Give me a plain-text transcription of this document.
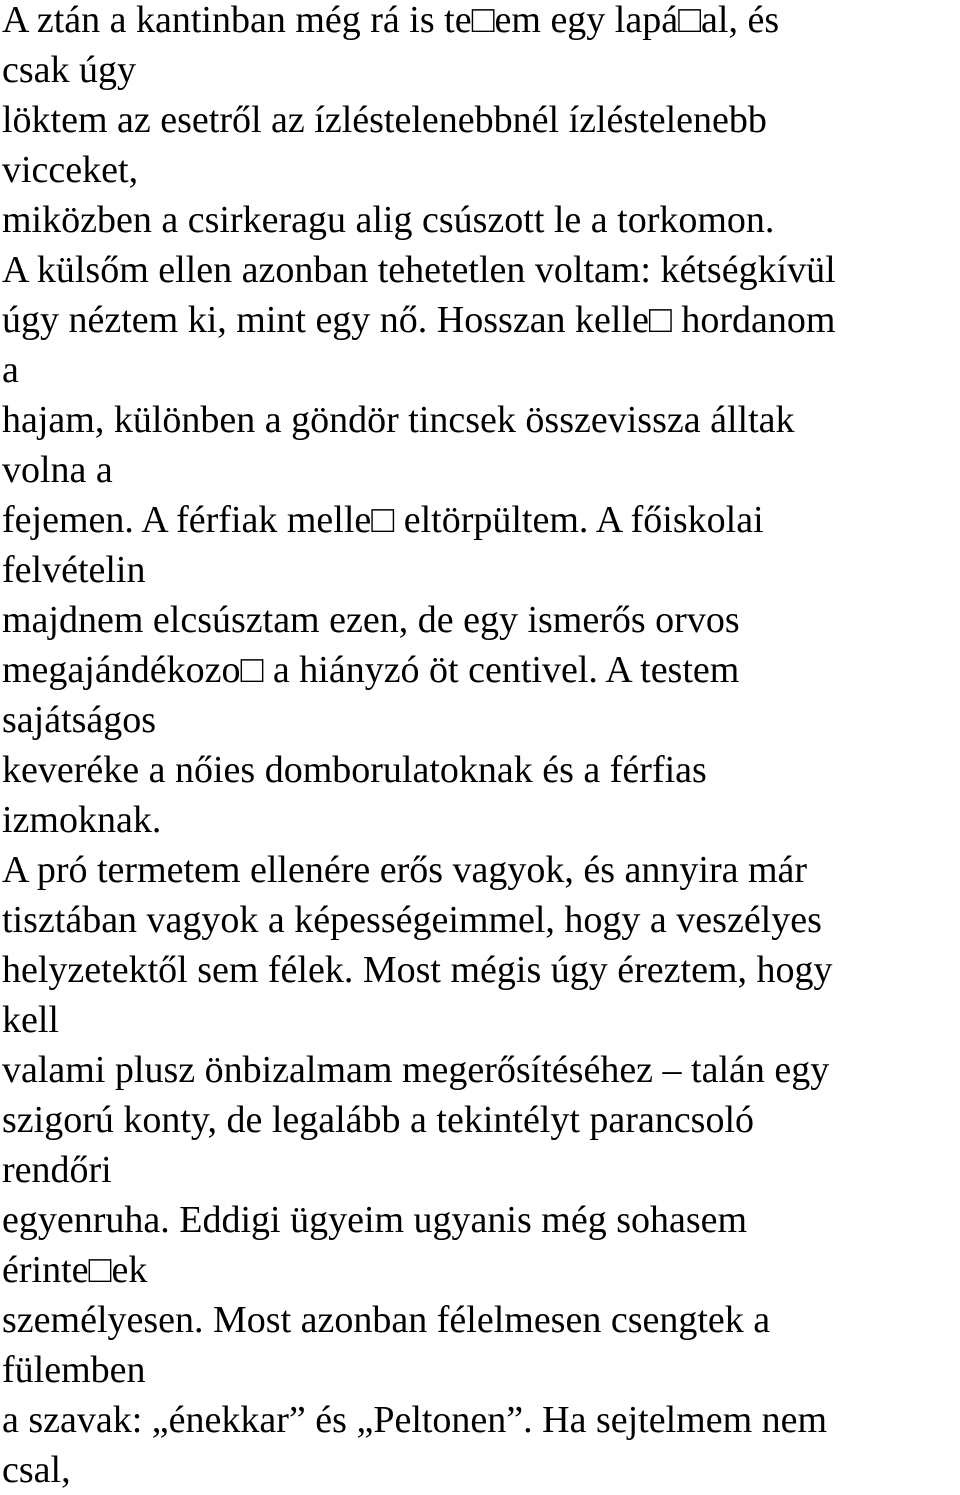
A ztán a kantinban még rá is te□em egy lapá□al, és
csak úgy
löktem az esetről az ízléstelenebbnél ízléstelenebb
vicceket,
miközben a csirkeragu alig csúszott le a torkomon.
A külsőm ellen azonban tehetetlen voltam: kétségkívül
úgy néztem ki, mint egy nő. Hosszan kelle□ hordanom
a
hajam, különben a göndör tincsek összevissza álltak
volna a
fejemen. A férfiak melle□ eltörpültem. A főiskolai
felvételin
majdnem elcsúsztam ezen, de egy ismerős orvos
megajándékozo□ a hiányzó öt centivel. A testem
sajátságos
keveréke a nőies domborulatoknak és a férfias
izmoknak.
A pró termetem ellenére erős vagyok, és annyira már
tisztában vagyok a képességeimmel, hogy a veszélyes
helyzetektől sem félek. Most mégis úgy éreztem, hogy
kell
valami plusz önbizalmam megerősítéséhez – talán egy
szigorú konty, de legalább a tekintélyt parancsoló
rendőri
egyenruha. Eddigi ügyeim ugyanis még sohasem
érinte□ek
személyesen. Most azonban félelmesen csengtek a
fülemben
a szavak: „énekkar” és „Peltonen”. Ha sejtelmem nem
csal,
